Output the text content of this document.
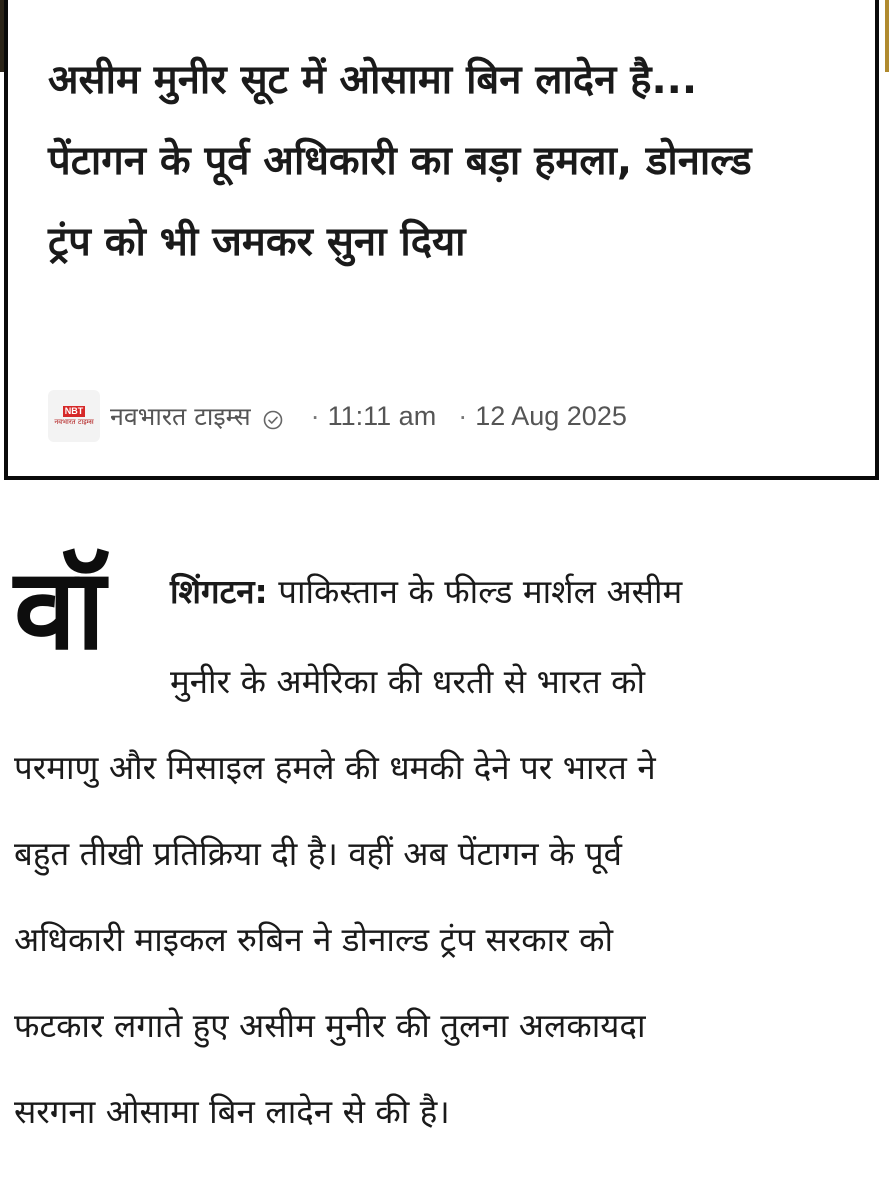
असीम मुनीर सूट में ओसामा बिन लादेन है... पेंटागन के पूर्व अधिकारी का बड़ा हमला, डोनाल्ड ट्रंप को भी जमकर सुना दिया
NBT
नवभारत टाइम्स नवभारत टाइम्स · 11:11 am · 12 Aug 2025
वॉ शिंगटन: पाकिस्तान के फील्ड मार्शल असीम
मुनीर के अमेरिका की धरती से भारत को
परमाणु और मिसाइल हमले की धमकी देने पर भारत ने
बहुत तीखी प्रतिक्रिया दी है। वहीं अब पेंटागन के पूर्व
अधिकारी माइकल रुबिन ने डोनाल्ड ट्रंप सरकार को
फटकार लगाते हुए असीम मुनीर की तुलना अलकायदा
सरगना ओसामा बिन लादेन से की है।
